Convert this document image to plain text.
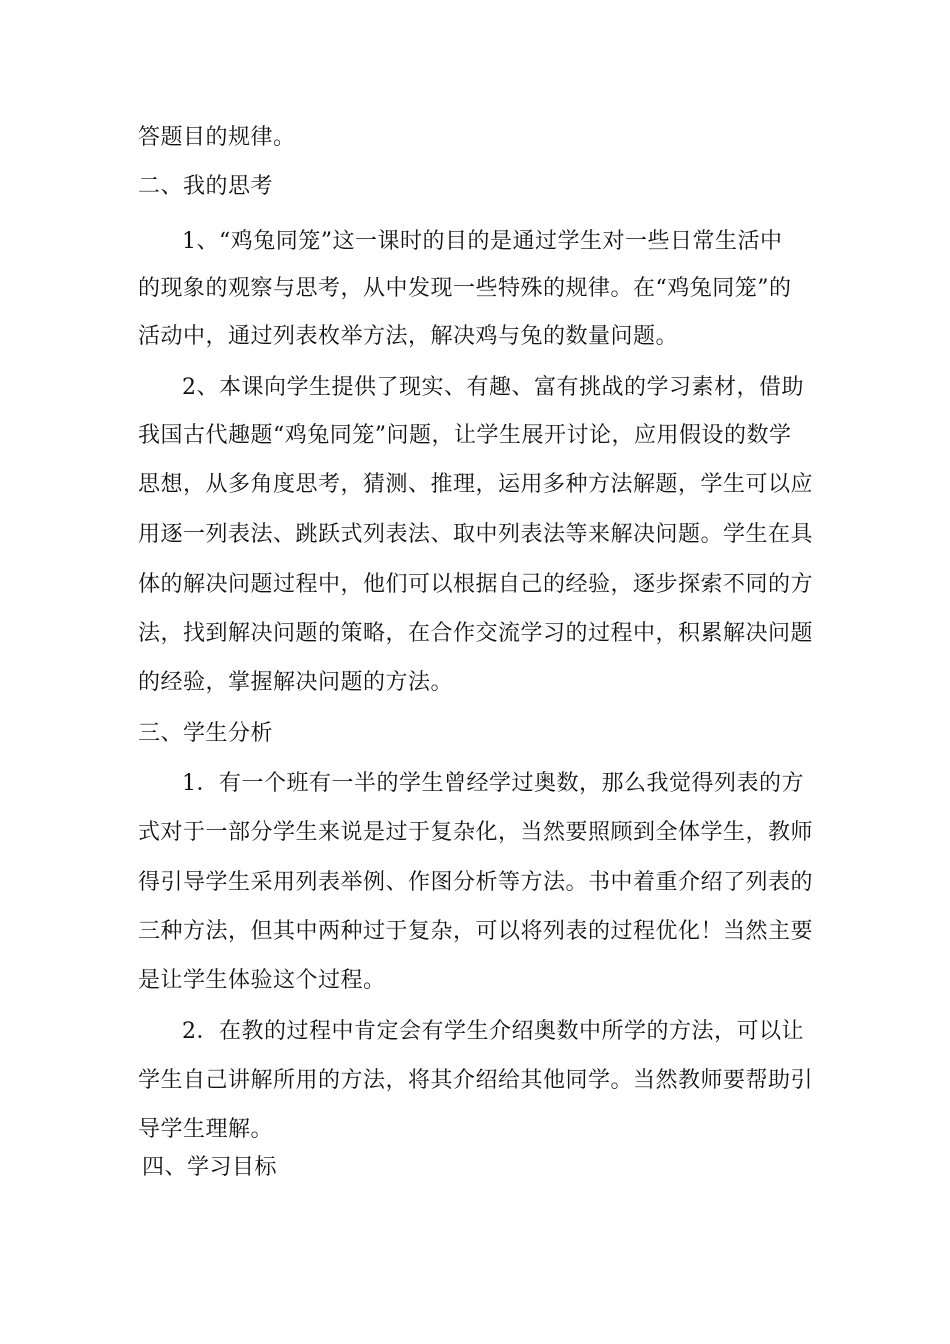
答题目的规律。
二、我的思考
1、“鸡兔同笼”这一课时的目的是通过学生对一些日常生活中
的现象的观察与思考，从中发现一些特殊的规律。在“鸡兔同笼”的
活动中，通过列表枚举方法，解决鸡与兔的数量问题。
2、本课向学生提供了现实、有趣、富有挑战的学习素材，借助
我国古代趣题“鸡兔同笼”问题，让学生展开讨论，应用假设的数学
思想，从多角度思考，猜测、推理，运用多种方法解题，学生可以应
用逐一列表法、跳跃式列表法、取中列表法等来解决问题。学生在具
体的解决问题过程中，他们可以根据自己的经验，逐步探索不同的方
法，找到解决问题的策略，在合作交流学习的过程中，积累解决问题
的经验，掌握解决问题的方法。
三、学生分析
1．有一个班有一半的学生曾经学过奥数，那么我觉得列表的方
式对于一部分学生来说是过于复杂化，当然要照顾到全体学生，教师
得引导学生采用列表举例、作图分析等方法。书中着重介绍了列表的
三种方法，但其中两种过于复杂，可以将列表的过程优化！当然主要
是让学生体验这个过程。
2．在教的过程中肯定会有学生介绍奥数中所学的方法，可以让
学生自己讲解所用的方法，将其介绍给其他同学。当然教师要帮助引
导学生理解。
四、学习目标
